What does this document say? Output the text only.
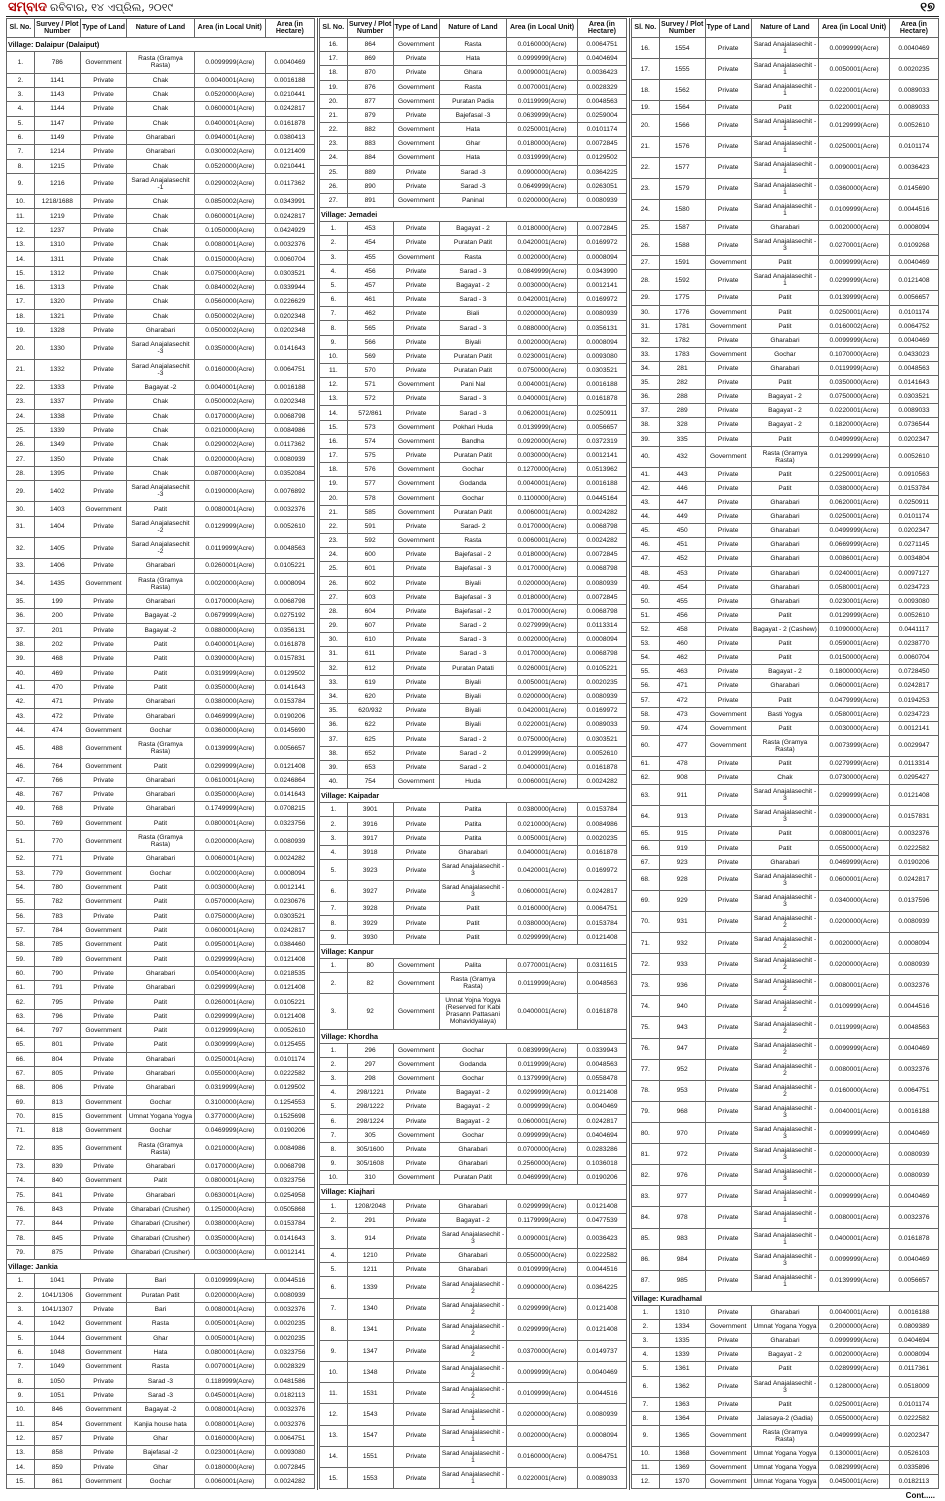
ସମ୍ବାଦ ରବିବାର, ୧୪ ଏପ୍ରିଲ, ୨୦୧୯	୧୭
Sl. No.	Survey / Plot Number	Type of Land	Nature of Land	Area (in Local Unit)	Area (in Hectare)
Village: Dalaipur (Dalaiput)					
1.	786	Government	Rasta (Gramya Rasta)	0.0099999(Acre)	0.0040469
2.	1141	Private	Chak	0.0040001(Acre)	0.0016188
3.	1143	Private	Chak	0.0520000(Acre)	0.0210441
4.	1144	Private	Chak	0.0600001(Acre)	0.0242817
5.	1147	Private	Chak	0.0400001(Acre)	0.0161878
6.	1149	Private	Gharabari	0.0940001(Acre)	0.0380413
7.	1214	Private	Gharabari	0.0300002(Acre)	0.0121409
8.	1215	Private	Chak	0.0520000(Acre)	0.0210441
9.	1216	Private	Sarad Anajalasechit -1	0.0290002(Acre)	0.0117362
10.	1218/1688	Private	Chak	0.0850002(Acre)	0.0343991
11.	1219	Private	Chak	0.0600001(Acre)	0.0242817
12.	1237	Private	Chak	0.1050000(Acre)	0.0424929
13.	1310	Private	Chak	0.0080001(Acre)	0.0032376
14.	1311	Private	Chak	0.0150000(Acre)	0.0060704
15.	1312	Private	Chak	0.0750000(Acre)	0.0303521
16.	1313	Private	Chak	0.0840002(Acre)	0.0339944
17.	1320	Private	Chak	0.0560000(Acre)	0.0226629
18.	1321	Private	Chak	0.0500002(Acre)	0.0202348
19.	1328	Private	Gharabari	0.0500002(Acre)	0.0202348
20.	1330	Private	Sarad Anajalasechit -3	0.0350000(Acre)	0.0141643
21.	1332	Private	Sarad Anajalasechit -3	0.0160000(Acre)	0.0064751
22.	1333	Private	Bagayat -2	0.0040001(Acre)	0.0016188
23.	1337	Private	Chak	0.0500002(Acre)	0.0202348
24.	1338	Private	Chak	0.0170000(Acre)	0.0068798
25.	1339	Private	Chak	0.0210000(Acre)	0.0084986
26.	1349	Private	Chak	0.0290002(Acre)	0.0117362
27.	1350	Private	Chak	0.0200000(Acre)	0.0080939
28.	1395	Private	Chak	0.0870000(Acre)	0.0352084
29.	1402	Private	Sarad Anajalasechit -3	0.0190000(Acre)	0.0076892
30.	1403	Government	Patit	0.0080001(Acre)	0.0032376
31.	1404	Private	Sarad Anajalasechit -2	0.0129999(Acre)	0.0052610
32.	1405	Private	Sarad Anajalasechit -2	0.0119999(Acre)	0.0048563
33.	1406	Private	Gharabari	0.0260001(Acre)	0.0105221
34.	1435	Government	Rasta (Gramya Rasta)	0.0020000(Acre)	0.0008094
35.	199	Private	Gharabari	0.0170000(Acre)	0.0068798
36.	200	Private	Bagayat -2	0.0679999(Acre)	0.0275192
37.	201	Private	Bagayat -2	0.0880000(Acre)	0.0356131
38.	202	Private	Patit	0.0400001(Acre)	0.0161878
39.	468	Private	Patit	0.0390000(Acre)	0.0157831
40.	469	Private	Patit	0.0319999(Acre)	0.0129502
41.	470	Private	Patit	0.0350000(Acre)	0.0141643
42.	471	Private	Gharabari	0.0380000(Acre)	0.0153784
43.	472	Private	Gharabari	0.0469999(Acre)	0.0190206
44.	474	Government	Gochar	0.0360000(Acre)	0.0145690
45.	488	Government	Rasta (Gramya Rasta)	0.0139999(Acre)	0.0056657
46.	764	Government	Patit	0.0299999(Acre)	0.0121408
47.	766	Private	Gharabari	0.0610001(Acre)	0.0246864
48.	767	Private	Gharabari	0.0350000(Acre)	0.0141643
49.	768	Private	Gharabari	0.1749999(Acre)	0.0708215
50.	769	Government	Patit	0.0800001(Acre)	0.0323756
51.	770	Government	Rasta (Gramya Rasta)	0.0200000(Acre)	0.0080939
52.	771	Private	Gharabari	0.0060001(Acre)	0.0024282
53.	779	Government	Gochar	0.0020000(Acre)	0.0008094
54.	780	Government	Patit	0.0030000(Acre)	0.0012141
55.	782	Government	Patit	0.0570000(Acre)	0.0230676
56.	783	Private	Patit	0.0750000(Acre)	0.0303521
57.	784	Government	Patit	0.0600001(Acre)	0.0242817
58.	785	Government	Patit	0.0950001(Acre)	0.0384460
59.	789	Government	Patit	0.0299999(Acre)	0.0121408
60.	790	Private	Gharabari	0.0540000(Acre)	0.0218535
61.	791	Private	Gharabari	0.0299999(Acre)	0.0121408
62.	795	Private	Patit	0.0260001(Acre)	0.0105221
63.	796	Private	Patit	0.0299999(Acre)	0.0121408
64.	797	Government	Patit	0.0129999(Acre)	0.0052610
65.	801	Private	Patit	0.0309999(Acre)	0.0125455
66.	804	Private	Gharabari	0.0250001(Acre)	0.0101174
67.	805	Private	Gharabari	0.0550000(Acre)	0.0222582
68.	806	Private	Gharabari	0.0319999(Acre)	0.0129502
69.	813	Government	Gochar	0.3100000(Acre)	0.1254553
70.	815	Government	Umnat Yogana Yogya	0.3770000(Acre)	0.1525698
71.	818	Government	Gochar	0.0469999(Acre)	0.0190206
72.	835	Government	Rasta (Gramya Rasta)	0.0210000(Acre)	0.0084986
73.	839	Private	Gharabari	0.0170000(Acre)	0.0068798
74.	840	Government	Patit	0.0800001(Acre)	0.0323756
75.	841	Private	Gharabari	0.0630001(Acre)	0.0254958
76.	843	Private	Gharabari (Crusher)	0.1250000(Acre)	0.0505868
77.	844	Private	Gharabari (Crusher)	0.0380000(Acre)	0.0153784
78.	845	Private	Gharabari (Crusher)	0.0350000(Acre)	0.0141643
79.	875	Private	Gharabari (Crusher)	0.0030000(Acre)	0.0012141
Village: Jankia					
1.	1041	Private	Bari	0.0109999(Acre)	0.0044516
2.	1041/1306	Government	Puratan Patit	0.0200000(Acre)	0.0080939
3.	1041/1307	Private	Bari	0.0080001(Acre)	0.0032376
4.	1042	Government	Rasta	0.0050001(Acre)	0.0020235
5.	1044	Government	Ghar	0.0050001(Acre)	0.0020235
6.	1048	Government	Hata	0.0800001(Acre)	0.0323756
7.	1049	Government	Rasta	0.0070001(Acre)	0.0028329
8.	1050	Private	Sarad -3	0.1189999(Acre)	0.0481586
9.	1051	Private	Sarad -3	0.0450001(Acre)	0.0182113
10.	846	Government	Bagayat -2	0.0080001(Acre)	0.0032376
11.	854	Government	Kanjia house hata	0.0080001(Acre)	0.0032376
12.	857	Private	Ghar	0.0160000(Acre)	0.0064751
13.	858	Private	Bajefasal -2	0.0230001(Acre)	0.0093080
14.	859	Private	Ghar	0.0180000(Acre)	0.0072845
15.	861	Government	Gochar	0.0060001(Acre)	0.0024282
Sl. No.	Survey / Plot Number	Type of Land	Nature of Land	Area (in Local Unit)	Area (in Hectare)
16.	864	Government	Rasta	0.0160000(Acre)	0.0064751
17.	869	Private	Hata	0.0999999(Acre)	0.0404694
18.	870	Private	Ghara	0.0090001(Acre)	0.0036423
19.	876	Government	Rasta	0.0070001(Acre)	0.0028329
20.	877	Government	Puratan Padia	0.0119999(Acre)	0.0048563
21.	879	Private	Bajefasal -3	0.0639999(Acre)	0.0259004
22.	882	Government	Hata	0.0250001(Acre)	0.0101174
23.	883	Government	Ghar	0.0180000(Acre)	0.0072845
24.	884	Government	Hata	0.0319999(Acre)	0.0129502
25.	889	Private	Sarad -3	0.0900000(Acre)	0.0364225
26.	890	Private	Sarad -3	0.0649999(Acre)	0.0263051
27.	891	Government	Paninal	0.0200000(Acre)	0.0080939
Village: Jemadei					
1.	453	Private	Bagayat - 2	0.0180000(Acre)	0.0072845
2.	454	Private	Puratan Patit	0.0420001(Acre)	0.0169972
3.	455	Government	Rasta	0.0020000(Acre)	0.0008094
4.	456	Private	Sarad - 3	0.0849999(Acre)	0.0343990
5.	457	Private	Bagayat - 2	0.0030000(Acre)	0.0012141
6.	461	Private	Sarad - 3	0.0420001(Acre)	0.0169972
7.	462	Private	Biali	0.0200000(Acre)	0.0080939
8.	565	Private	Sarad - 3	0.0880000(Acre)	0.0356131
9.	566	Private	Biyali	0.0020000(Acre)	0.0008094
10.	569	Private	Puratan Patit	0.0230001(Acre)	0.0093080
11.	570	Private	Puratan Patit	0.0750000(Acre)	0.0303521
12.	571	Government	Pani Nal	0.0040001(Acre)	0.0016188
13.	572	Private	Sarad - 3	0.0400001(Acre)	0.0161878
14.	572/861	Private	Sarad - 3	0.0620001(Acre)	0.0250911
15.	573	Government	Pokhari Huda	0.0139999(Acre)	0.0056657
16.	574	Government	Bandha	0.0920000(Acre)	0.0372319
17.	575	Private	Puratan Patit	0.0030000(Acre)	0.0012141
18.	576	Government	Gochar	0.1270000(Acre)	0.0513962
19.	577	Government	Godanda	0.0040001(Acre)	0.0016188
20.	578	Government	Gochar	0.1100000(Acre)	0.0445164
21.	585	Government	Puratan Patit	0.0060001(Acre)	0.0024282
22.	591	Private	Sarad- 2	0.0170000(Acre)	0.0068798
23.	592	Government	Rasta	0.0060001(Acre)	0.0024282
24.	600	Private	Bajefasal - 2	0.0180000(Acre)	0.0072845
25.	601	Private	Bajefasal - 3	0.0170000(Acre)	0.0068798
26.	602	Private	Biyali	0.0200000(Acre)	0.0080939
27.	603	Private	Bajefasal - 3	0.0180000(Acre)	0.0072845
28.	604	Private	Bajefasal - 2	0.0170000(Acre)	0.0068798
29.	607	Private	Sarad - 2	0.0279999(Acre)	0.0113314
30.	610	Private	Sarad - 3	0.0020000(Acre)	0.0008094
31.	611	Private	Sarad - 3	0.0170000(Acre)	0.0068798
32.	612	Private	Puratan Patati	0.0260001(Acre)	0.0105221
33.	619	Private	Biyali	0.0050001(Acre)	0.0020235
34.	620	Private	Biyali	0.0200000(Acre)	0.0080939
35.	620/932	Private	Biyali	0.0420001(Acre)	0.0169972
36.	622	Private	Biyali	0.0220001(Acre)	0.0089033
37.	625	Private	Sarad - 2	0.0750000(Acre)	0.0303521
38.	652	Private	Sarad - 2	0.0129999(Acre)	0.0052610
39.	653	Private	Sarad - 2	0.0400001(Acre)	0.0161878
40.	754	Government	Huda	0.0060001(Acre)	0.0024282
Village: Kaipadar					
1.	3901	Private	Patita	0.0380000(Acre)	0.0153784
2.	3916	Private	Patita	0.0210000(Acre)	0.0084986
3.	3917	Private	Patita	0.0050001(Acre)	0.0020235
4.	3918	Private	Gharabari	0.0400001(Acre)	0.0161878
5.	3923	Private	Sarad Anajalasechit - 3	0.0420001(Acre)	0.0169972
6.	3927	Private	Sarad Anajalasechit - 3	0.0600001(Acre)	0.0242817
7.	3928	Private	Patit	0.0160000(Acre)	0.0064751
8.	3929	Private	Patit	0.0380000(Acre)	0.0153784
9.	3930	Private	Patit	0.0299999(Acre)	0.0121408
Village: Kanpur					
1.	80	Government	Palita	0.0770001(Acre)	0.0311615
2.	82	Government	Rasta (Gramya Rasta)	0.0119999(Acre)	0.0048563
3.	92	Government	Unnat Yojna Yogya (Reserved for Kabi Prasann Pattasani Mohavidyalaya)	0.0400001(Acre)	0.0161878
Village: Khordha					
1.	296	Government	Gochar	0.0839999(Acre)	0.0339943
2.	297	Government	Godanda	0.0119999(Acre)	0.0048563
3.	298	Government	Gochar	0.1379999(Acre)	0.0558478
4.	298/1221	Private	Bagayat - 2	0.0299999(Acre)	0.0121408
5.	298/1222	Private	Bagayat - 2	0.0099999(Acre)	0.0040469
6.	298/1224	Private	Bagayat - 2	0.0600001(Acre)	0.0242817
7.	305	Government	Gochar	0.0999999(Acre)	0.0404694
8.	305/1600	Private	Gharabari	0.0700000(Acre)	0.0283286
9.	305/1608	Private	Gharabari	0.2560000(Acre)	0.1036018
10.	310	Government	Puratan Patit	0.0469999(Acre)	0.0190206
Village: Kiajhari					
1.	1208/2048	Private	Gharabari	0.0299999(Acre)	0.0121408
2.	291	Private	Bagayat - 2	0.1179999(Acre)	0.0477539
3.	914	Private	Sarad Anajalasechit - 3	0.0090001(Acre)	0.0036423
4.	1210	Private	Gharabari	0.0550000(Acre)	0.0222582
5.	1211	Private	Gharabari	0.0109999(Acre)	0.0044516
6.	1339	Private	Sarad Anajalasechit - 2	0.0900000(Acre)	0.0364225
7.	1340	Private	Sarad Anajalasechit - 2	0.0299999(Acre)	0.0121408
8.	1341	Private	Sarad Anajalasechit - 2	0.0299999(Acre)	0.0121408
9.	1347	Private	Sarad Anajalasechit - 2	0.0370000(Acre)	0.0149737
10.	1348	Private	Sarad Anajalasechit - 2	0.0099999(Acre)	0.0040469
11.	1531	Private	Sarad Anajalasechit - 2	0.0109999(Acre)	0.0044516
12.	1543	Private	Sarad Anajalasechit - 1	0.0200000(Acre)	0.0080939
13.	1547	Private	Sarad Anajalasechit - 1	0.0020000(Acre)	0.0008094
14.	1551	Private	Sarad Anajalasechit - 1	0.0160000(Acre)	0.0064751
15.	1553	Private	Sarad Anajalasechit - 1	0.0220001(Acre)	0.0089033
Sl. No.	Survey / Plot Number	Type of Land	Nature of Land	Area (in Local Unit)	Area (in Hectare)
16.	1554	Private	Sarad Anajalasechit - 1	0.0099999(Acre)	0.0040469
17.	1555	Private	Sarad Anajalasechit - 1	0.0050001(Acre)	0.0020235
18.	1562	Private	Sarad Anajalasechit - 1	0.0220001(Acre)	0.0089033
19.	1564	Private	Patit	0.0220001(Acre)	0.0089033
20.	1566	Private	Sarad Anajalasechit - 1	0.0129999(Acre)	0.0052610
21.	1576	Private	Sarad Anajalasechit - 1	0.0250001(Acre)	0.0101174
22.	1577	Private	Sarad Anajalasechit - 1	0.0090001(Acre)	0.0036423
23.	1579	Private	Sarad Anajalasechit - 1	0.0360000(Acre)	0.0145690
24.	1580	Private	Sarad Anajalasechit - 1	0.0109999(Acre)	0.0044516
25.	1587	Private	Gharabari	0.0020000(Acre)	0.0008094
26.	1588	Private	Sarad Anajalasechit - 3	0.0270001(Acre)	0.0109268
27.	1591	Government	Patit	0.0099999(Acre)	0.0040469
28.	1592	Private	Sarad Anajalasechit - 1	0.0299999(Acre)	0.0121408
29.	1775	Private	Patit	0.0139999(Acre)	0.0056657
30.	1776	Government	Patit	0.0250001(Acre)	0.0101174
31.	1781	Government	Patit	0.0160002(Acre)	0.0064752
32.	1782	Private	Gharabari	0.0099999(Acre)	0.0040469
33.	1783	Government	Gochar	0.1070000(Acre)	0.0433023
34.	281	Private	Gharabari	0.0119999(Acre)	0.0048563
35.	282	Private	Patit	0.0350000(Acre)	0.0141643
36.	288	Private	Bagayat - 2	0.0750000(Acre)	0.0303521
37.	289	Private	Bagayat - 2	0.0220001(Acre)	0.0089033
38.	328	Private	Bagayat - 2	0.1820000(Acre)	0.0736544
39.	335	Private	Patit	0.0499999(Acre)	0.0202347
40.	432	Government	Rasta (Gramya Rasta)	0.0129999(Acre)	0.0052610
41.	443	Private	Patit	0.2250001(Acre)	0.0910563
42.	446	Private	Patit	0.0380000(Acre)	0.0153784
43.	447	Private	Gharabari	0.0620001(Acre)	0.0250911
44.	449	Private	Gharabari	0.0250001(Acre)	0.0101174
45.	450	Private	Gharabari	0.0499999(Acre)	0.0202347
46.	451	Private	Gharabari	0.0669999(Acre)	0.0271145
47.	452	Private	Gharabari	0.0086001(Acre)	0.0034804
48.	453	Private	Gharabari	0.0240001(Acre)	0.0097127
49.	454	Private	Gharabari	0.0580001(Acre)	0.0234723
50.	455	Private	Gharabari	0.0230001(Acre)	0.0093080
51.	456	Private	Patit	0.0129999(Acre)	0.0052610
52.	458	Private	Bagayat - 2 (Cashew)	0.1090000(Acre)	0.0441117
53.	460	Private	Patit	0.0590001(Acre)	0.0238770
54.	462	Private	Patit	0.0150000(Acre)	0.0060704
55.	463	Private	Bagayat - 2	0.1800000(Acre)	0.0728450
56.	471	Private	Gharabari	0.0600001(Acre)	0.0242817
57.	472	Private	Patit	0.0479999(Acre)	0.0194253
58.	473	Government	Basti Yogya	0.0580001(Acre)	0.0234723
59.	474	Government	Patit	0.0030000(Acre)	0.0012141
60.	477	Government	Rasta (Gramya Rasta)	0.0073999(Acre)	0.0029947
61.	478	Private	Patit	0.0279999(Acre)	0.0113314
62.	908	Private	Chak	0.0730000(Acre)	0.0295427
63.	911	Private	Sarad Anajalasechit - 3	0.0299999(Acre)	0.0121408
64.	913	Private	Sarad Anajalasechit - 3	0.0390000(Acre)	0.0157831
65.	915	Private	Patit	0.0080001(Acre)	0.0032376
66.	919	Private	Patit	0.0550000(Acre)	0.0222582
67.	923	Private	Gharabari	0.0469999(Acre)	0.0190206
68.	928	Private	Sarad Anajalasechit - 3	0.0600001(Acre)	0.0242817
69.	929	Private	Sarad Anajalasechit - 3	0.0340000(Acre)	0.0137596
70.	931	Private	Sarad Anajalasechit - 2	0.0200000(Acre)	0.0080939
71.	932	Private	Sarad Anajalasechit - 2	0.0020000(Acre)	0.0008094
72.	933	Private	Sarad Anajalasechit - 2	0.0200000(Acre)	0.0080939
73.	936	Private	Sarad Anajalasechit - 2	0.0080001(Acre)	0.0032376
74.	940	Private	Sarad Anajalasechit - 2	0.0109999(Acre)	0.0044516
75.	943	Private	Sarad Anajalasechit - 2	0.0119999(Acre)	0.0048563
76.	947	Private	Sarad Anajalasechit - 2	0.0099999(Acre)	0.0040469
77.	952	Private	Sarad Anajalasechit - 2	0.0080001(Acre)	0.0032376
78.	953	Private	Sarad Anajalasechit - 2	0.0160000(Acre)	0.0064751
79.	968	Private	Sarad Anajalasechit - 3	0.0040001(Acre)	0.0016188
80.	970	Private	Sarad Anajalasechit - 3	0.0099999(Acre)	0.0040469
81.	972	Private	Sarad Anajalasechit - 3	0.0200000(Acre)	0.0080939
82.	976	Private	Sarad Anajalasechit - 3	0.0200000(Acre)	0.0080939
83.	977	Private	Sarad Anajalasechit - 1	0.0099999(Acre)	0.0040469
84.	978	Private	Sarad Anajalasechit - 1	0.0080001(Acre)	0.0032376
85.	983	Private	Sarad Anajalasechit - 1	0.0400001(Acre)	0.0161878
86.	984	Private	Sarad Anajalasechit - 3	0.0099999(Acre)	0.0040469
87.	985	Private	Sarad Anajalasechit - 1	0.0139999(Acre)	0.0056657
Village: Kuradhamal					
1.	1310	Private	Gharabari	0.0040001(Acre)	0.0016188
2.	1334	Government	Umnat Yogana Yogya	0.2000000(Acre)	0.0809389
3.	1335	Private	Gharabari	0.0999999(Acre)	0.0404694
4.	1339	Private	Bagayat - 2	0.0020000(Acre)	0.0008094
5.	1361	Private	Patit	0.0289999(Acre)	0.0117361
6.	1362	Private	Sarad Anajalasechit - 3	0.1280000(Acre)	0.0518009
7.	1363	Private	Patit	0.0250001(Acre)	0.0101174
8.	1364	Private	Jalasaya-2 (Gadia)	0.0550000(Acre)	0.0222582
9.	1365	Government	Rasta (Gramya Rasta)	0.0499999(Acre)	0.0202347
10.	1368	Government	Umnat Yogana Yogya	0.1300001(Acre)	0.0526103
11.	1369	Government	Umnat Yogana Yogya	0.0829999(Acre)	0.0335896
12.	1370	Government	Umnat Yogana Yogya	0.0450001(Acre)	0.0182113
Cont.....
